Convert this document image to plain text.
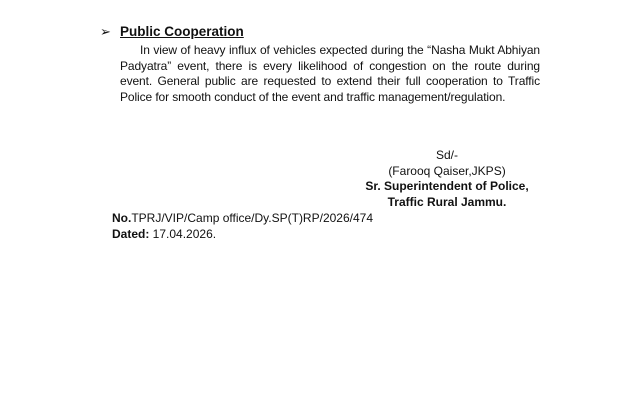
➢ Public Cooperation

In view of heavy influx of vehicles expected during the “Nasha Mukt Abhiyan Padyatra” event, there is every likelihood of congestion on the route during event. General public are requested to extend their full cooperation to Traffic Police for smooth conduct of the event and traffic management/regulation.

Sd/-
(Farooq Qaiser,JKPS)
Sr. Superintendent of Police,
Traffic Rural Jammu.
No.TPRJ/VIP/Camp office/Dy.SP(T)RP/2026/474
Dated: 17.04.2026.
